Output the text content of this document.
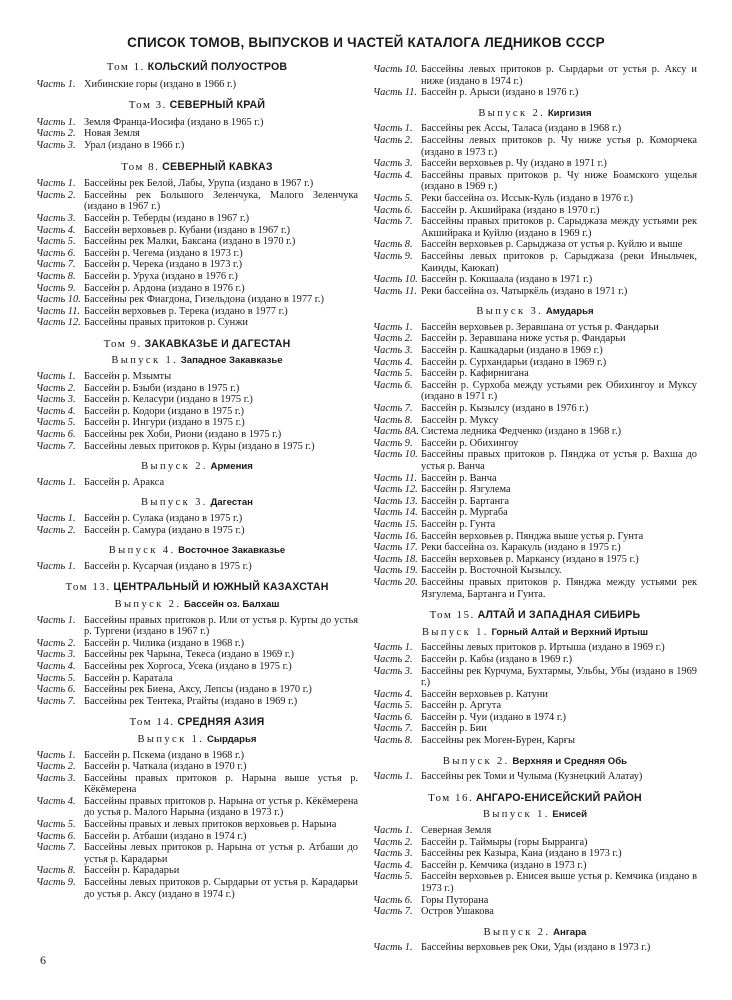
СПИСОК ТОМОВ, ВЫПУСКОВ И ЧАСТЕЙ КАТАЛОГА ЛЕДНИКОВ СССР
Том 1. КОЛЬСКИЙ ПОЛУОСТРОВ
Часть 1. Хибинские горы (издано в 1966 г.)
Том 3. СЕВЕРНЫЙ КРАЙ
Часть 1. Земля Франца-Иосифа (издано в 1965 г.)
Часть 2. Новая Земля
Часть 3. Урал (издано в 1966 г.)
Том 8. СЕВЕРНЫЙ КАВКАЗ
Часть 1. Бассейны рек Белой, Лабы, Урупа (издано в 1967 г.)
Часть 2. Бассейны рек Большого Зеленчука, Малого Зеленчука (издано в 1967 г.)
Часть 3. Бассейн р. Теберды (издано в 1967 г.)
Часть 4. Бассейн верховьев р. Кубани (издано в 1967 г.)
Часть 5. Бассейны рек Малки, Баксана (издано в 1970 г.)
Часть 6. Бассейн р. Чегема (издано в 1973 г.)
Часть 7. Бассейн р. Черека (издано в 1973 г.)
Часть 8. Бассейн р. Уруха (издано в 1976 г.)
Часть 9. Бассейн р. Ардона (издано в 1976 г.)
Часть 10. Бассейны рек Фиагдона, Гизельдона (издано в 1977 г.)
Часть 11. Бассейн верховьев р. Терека (издано в 1977 г.)
Часть 12. Бассейны правых притоков р. Сунжи
Том 9. ЗАКАВКАЗЬЕ И ДАГЕСТАН
Выпуск 1. Западное Закавказье
Часть 1. Бассейн р. Мзымты
Часть 2. Бассейн р. Бзыби (издано в 1975 г.)
Часть 3. Бассейн р. Келасури (издано в 1975 г.)
Часть 4. Бассейн р. Кодори (издано в 1975 г.)
Часть 5. Бассейн р. Ингури (издано в 1975 г.)
Часть 6. Бассейны рек Хоби, Риони (издано в 1975 г.)
Часть 7. Бассейны левых притоков р. Куры (издано в 1975 г.)
Выпуск 2. Армения
Часть 1. Бассейн р. Аракса
Выпуск 3. Дагестан
Часть 1. Бассейн р. Сулака (издано в 1975 г.)
Часть 2. Бассейн р. Самура (издано в 1975 г.)
Выпуск 4. Восточное Закавказье
Часть 1. Бассейн р. Кусарчая (издано в 1975 г.)
Том 13. ЦЕНТРАЛЬНЫЙ И ЮЖНЫЙ КАЗАХСТАН
Выпуск 2. Бассейн оз. Балхаш
Часть 1. Бассейны правых притоков р. Или от устья р. Курты до устья р. Тургени (издано в 1967 г.)
Часть 2. Бассейн р. Чилика (издано в 1968 г.)
Часть 3. Бассейны рек Чарына, Текеса (издано в 1969 г.)
Часть 4. Бассейны рек Хоргоса, Усека (издано в 1975 г.)
Часть 5. Бассейн р. Каратала
Часть 6. Бассейны рек Биена, Аксу, Лепсы (издано в 1970 г.)
Часть 7. Бассейны рек Тентека, Ргайты (издано в 1969 г.)
Том 14. СРЕДНЯЯ АЗИЯ
Выпуск 1. Сырдарья
Часть 1. Бассейн р. Пскема (издано в 1968 г.)
Часть 2. Бассейн р. Чаткала (издано в 1970 г.)
Часть 3. Бассейны правых притоков р. Нарына выше устья р. Кёкёмерена
Часть 4. Бассейны правых притоков р. Нарына от устья р. Кёкёмерена до устья р. Малого Нарына (издано в 1973 г.)
Часть 5. Бассейны правых и левых притоков верховьев р. Нарына
Часть 6. Бассейн р. Атбаши (издано в 1974 г.)
Часть 7. Бассейны левых притоков р. Нарына от устья р. Атбаши до устья р. Карадарьи
Часть 8. Бассейн р. Карадарьи
Часть 9. Бассейны левых притоков р. Сырдарьи от устья р. Карадарьи до устья р. Аксу (издано в 1974 г.)
Часть 10. Бассейны левых притоков р. Сырдарьи от устья р. Аксу и ниже (издано в 1974 г.)
Часть 11. Бассейн р. Арыси (издано в 1976 г.)
Выпуск 2. Киргизия
Часть 1. Бассейны рек Ассы, Таласа (издано в 1968 г.)
Часть 2. Бассейны левых притоков р. Чу ниже устья р. Коморчека (издано в 1973 г.)
Часть 3. Бассейн верховьев р. Чу (издано в 1971 г.)
Часть 4. Бассейны правых притоков р. Чу ниже Боамского ущелья (издано в 1969 г.)
Часть 5. Реки бассейна оз. Иссык-Куль (издано в 1976 г.)
Часть 6. Бассейн р. Акшийрака (издано в 1970 г.)
Часть 7. Бассейны правых притоков р. Сарыджаза между устьями рек Акшийрака и Куйлю (издано в 1969 г.)
Часть 8. Бассейн верховьев р. Сарыджаза от устья р. Куйлю и выше
Часть 9. Бассейны левых притоков р. Сарыджаза (реки Иныльчек, Каинды, Каюкап)
Часть 10. Бассейн р. Кокшаала (издано в 1971 г.)
Часть 11. Реки бассейна оз. Чатыркёль (издано в 1971 г.)
Выпуск 3. Амударья
Часть 1. Бассейн верховьев р. Зеравшана от устья р. Фандарьи
Часть 2. Бассейн р. Зеравшана ниже устья р. Фандарьи
Часть 3. Бассейн р. Кашкадарьи (издано в 1969 г.)
Часть 4. Бассейн р. Сурхандарьи (издано в 1969 г.)
Часть 5. Бассейн р. Кафирнигана
Часть 6. Бассейн р. Сурхоба между устьями рек Обихингоу и Муксу (издано в 1971 г.)
Часть 7. Бассейн р. Кызылсу (издано в 1976 г.)
Часть 8. Бассейн р. Муксу
Часть 8А. Система ледника Федченко (издано в 1968 г.)
Часть 9. Бассейн р. Обихингоу
Часть 10. Бассейны правых притоков р. Пянджа от устья р. Вахша до устья р. Ванча
Часть 11. Бассейн р. Ванча
Часть 12. Бассейн р. Язгулема
Часть 13. Бассейн р. Бартанга
Часть 14. Бассейн р. Мургаба
Часть 15. Бассейн р. Гунта
Часть 16. Бассейн верховьев р. Пянджа выше устья р. Гунта
Часть 17. Реки бассейна оз. Каракуль (издано в 1975 г.)
Часть 18. Бассейн верховьев р. Маркансу (издано в 1975 г.)
Часть 19. Бассейн р. Восточной Кызылсу.
Часть 20. Бассейны правых притоков р. Пянджа между устьями рек Язгулема, Бартанга и Гунта.
Том 15. АЛТАЙ И ЗАПАДНАЯ СИБИРЬ
Выпуск 1. Горный Алтай и Верхний Иртыш
Часть 1. Бассейны левых притоков р. Иртыша (издано в 1969 г.)
Часть 2. Бассейн р. Кабы (издано в 1969 г.)
Часть 3. Бассейны рек Курчума, Бухтармы, Ульбы, Убы (издано в 1969 г.)
Часть 4. Бассейн верховьев р. Катуни
Часть 5. Бассейн р. Аргута
Часть 6. Бассейн р. Чуи (издано в 1974 г.)
Часть 7. Бассейн р. Бии
Часть 8. Бассейны рек Моген-Бурен, Карғы
Выпуск 2. Верхняя и Средняя Обь
Часть 1. Бассейны рек Томи и Чулыма (Кузнецкий Алатау)
Том 16. АНГАРО-ЕНИСЕЙСКИЙ РАЙОН
Выпуск 1. Енисей
Часть 1. Северная Земля
Часть 2. Бассейн р. Таймыры (горы Бырранга)
Часть 3. Бассейны рек Казыра, Кана (издано в 1973 г.)
Часть 4. Бассейн р. Кемчика (издано в 1973 г.)
Часть 5. Бассейн верховьев р. Енисея выше устья р. Кемчика (издано в 1973 г.)
Часть 6. Горы Путорана
Часть 7. Остров Ушакова
Выпуск 2. Ангара
Часть 1. Бассейны верховьев рек Оки, Уды (издано в 1973 г.)
6
